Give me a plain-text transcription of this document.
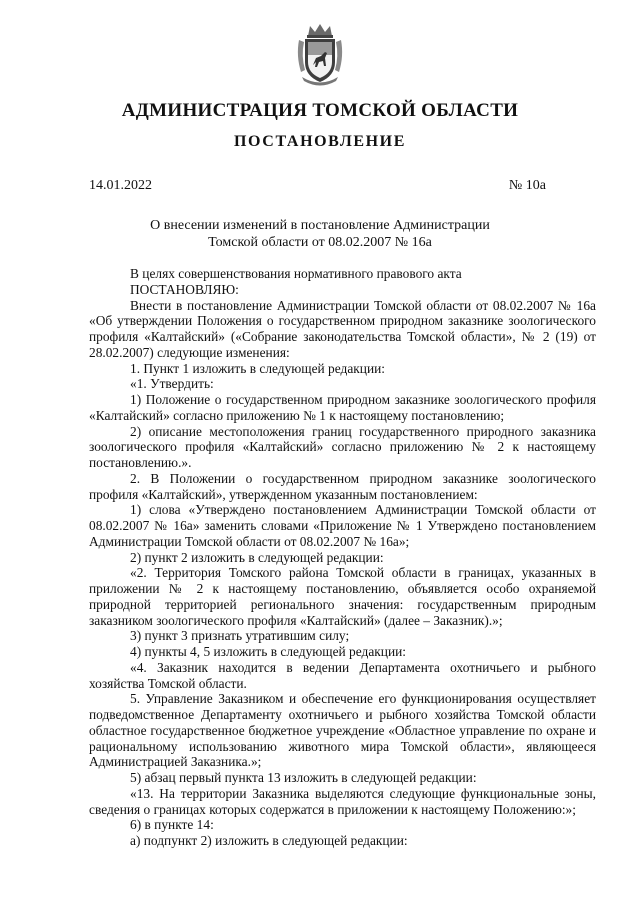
АДМИНИСТРАЦИЯ ТОМСКОЙ ОБЛАСТИ
ПОСТАНОВЛЕНИЕ
14.01.2022	№ 10а
О внесении изменений в постановление Администрации
Томской области от 08.02.2007 № 16а

В целях совершенствования нормативного правового акта

ПОСТАНОВЛЯЮ:

Внести в постановление Администрации Томской области от 08.02.2007 № 16а «Об утверждении Положения о государственном природном заказнике зоологического профиля «Калтайский» («Собрание законодательства Томской области», № 2 (19) от 28.02.2007) следующие изменения:

1. Пункт 1 изложить в следующей редакции:

«1. Утвердить:

1) Положение о государственном природном заказнике зоологического профиля «Калтайский» согласно приложению № 1 к настоящему постановлению;

2) описание местоположения границ государственного природного заказника зоологического профиля «Калтайский» согласно приложению № 2 к настоящему постановлению.».

2. В Положении о государственном природном заказнике зоологического профиля «Калтайский», утвержденном указанным постановлением:

1) слова «Утверждено постановлением Администрации Томской области от 08.02.2007 № 16а» заменить словами «Приложение № 1 Утверждено постановлением Администрации Томской области от 08.02.2007 № 16а»;

2) пункт 2 изложить в следующей редакции:

«2. Территория Томского района Томской области в границах, указанных в приложении № 2 к настоящему постановлению, объявляется особо охраняемой природной территорией регионального значения: государственным природным заказником зоологического профиля «Калтайский» (далее – Заказник).»;

3) пункт 3 признать утратившим силу;

4) пункты 4, 5 изложить в следующей редакции:

«4. Заказник находится в ведении Департамента охотничьего и рыбного хозяйства Томской области.

5. Управление Заказником и обеспечение его функционирования осуществляет подведомственное Департаменту охотничьего и рыбного хозяйства Томской области областное государственное бюджетное учреждение «Областное управление по охране и рациональному использованию животного мира Томской области», являющееся Администрацией Заказника.»;

5) абзац первый пункта 13 изложить в следующей редакции:

«13. На территории Заказника выделяются следующие функциональные зоны, сведения о границах которых содержатся в приложении к настоящему Положению:»;

6) в пункте 14:

а) подпункт 2) изложить в следующей редакции:
